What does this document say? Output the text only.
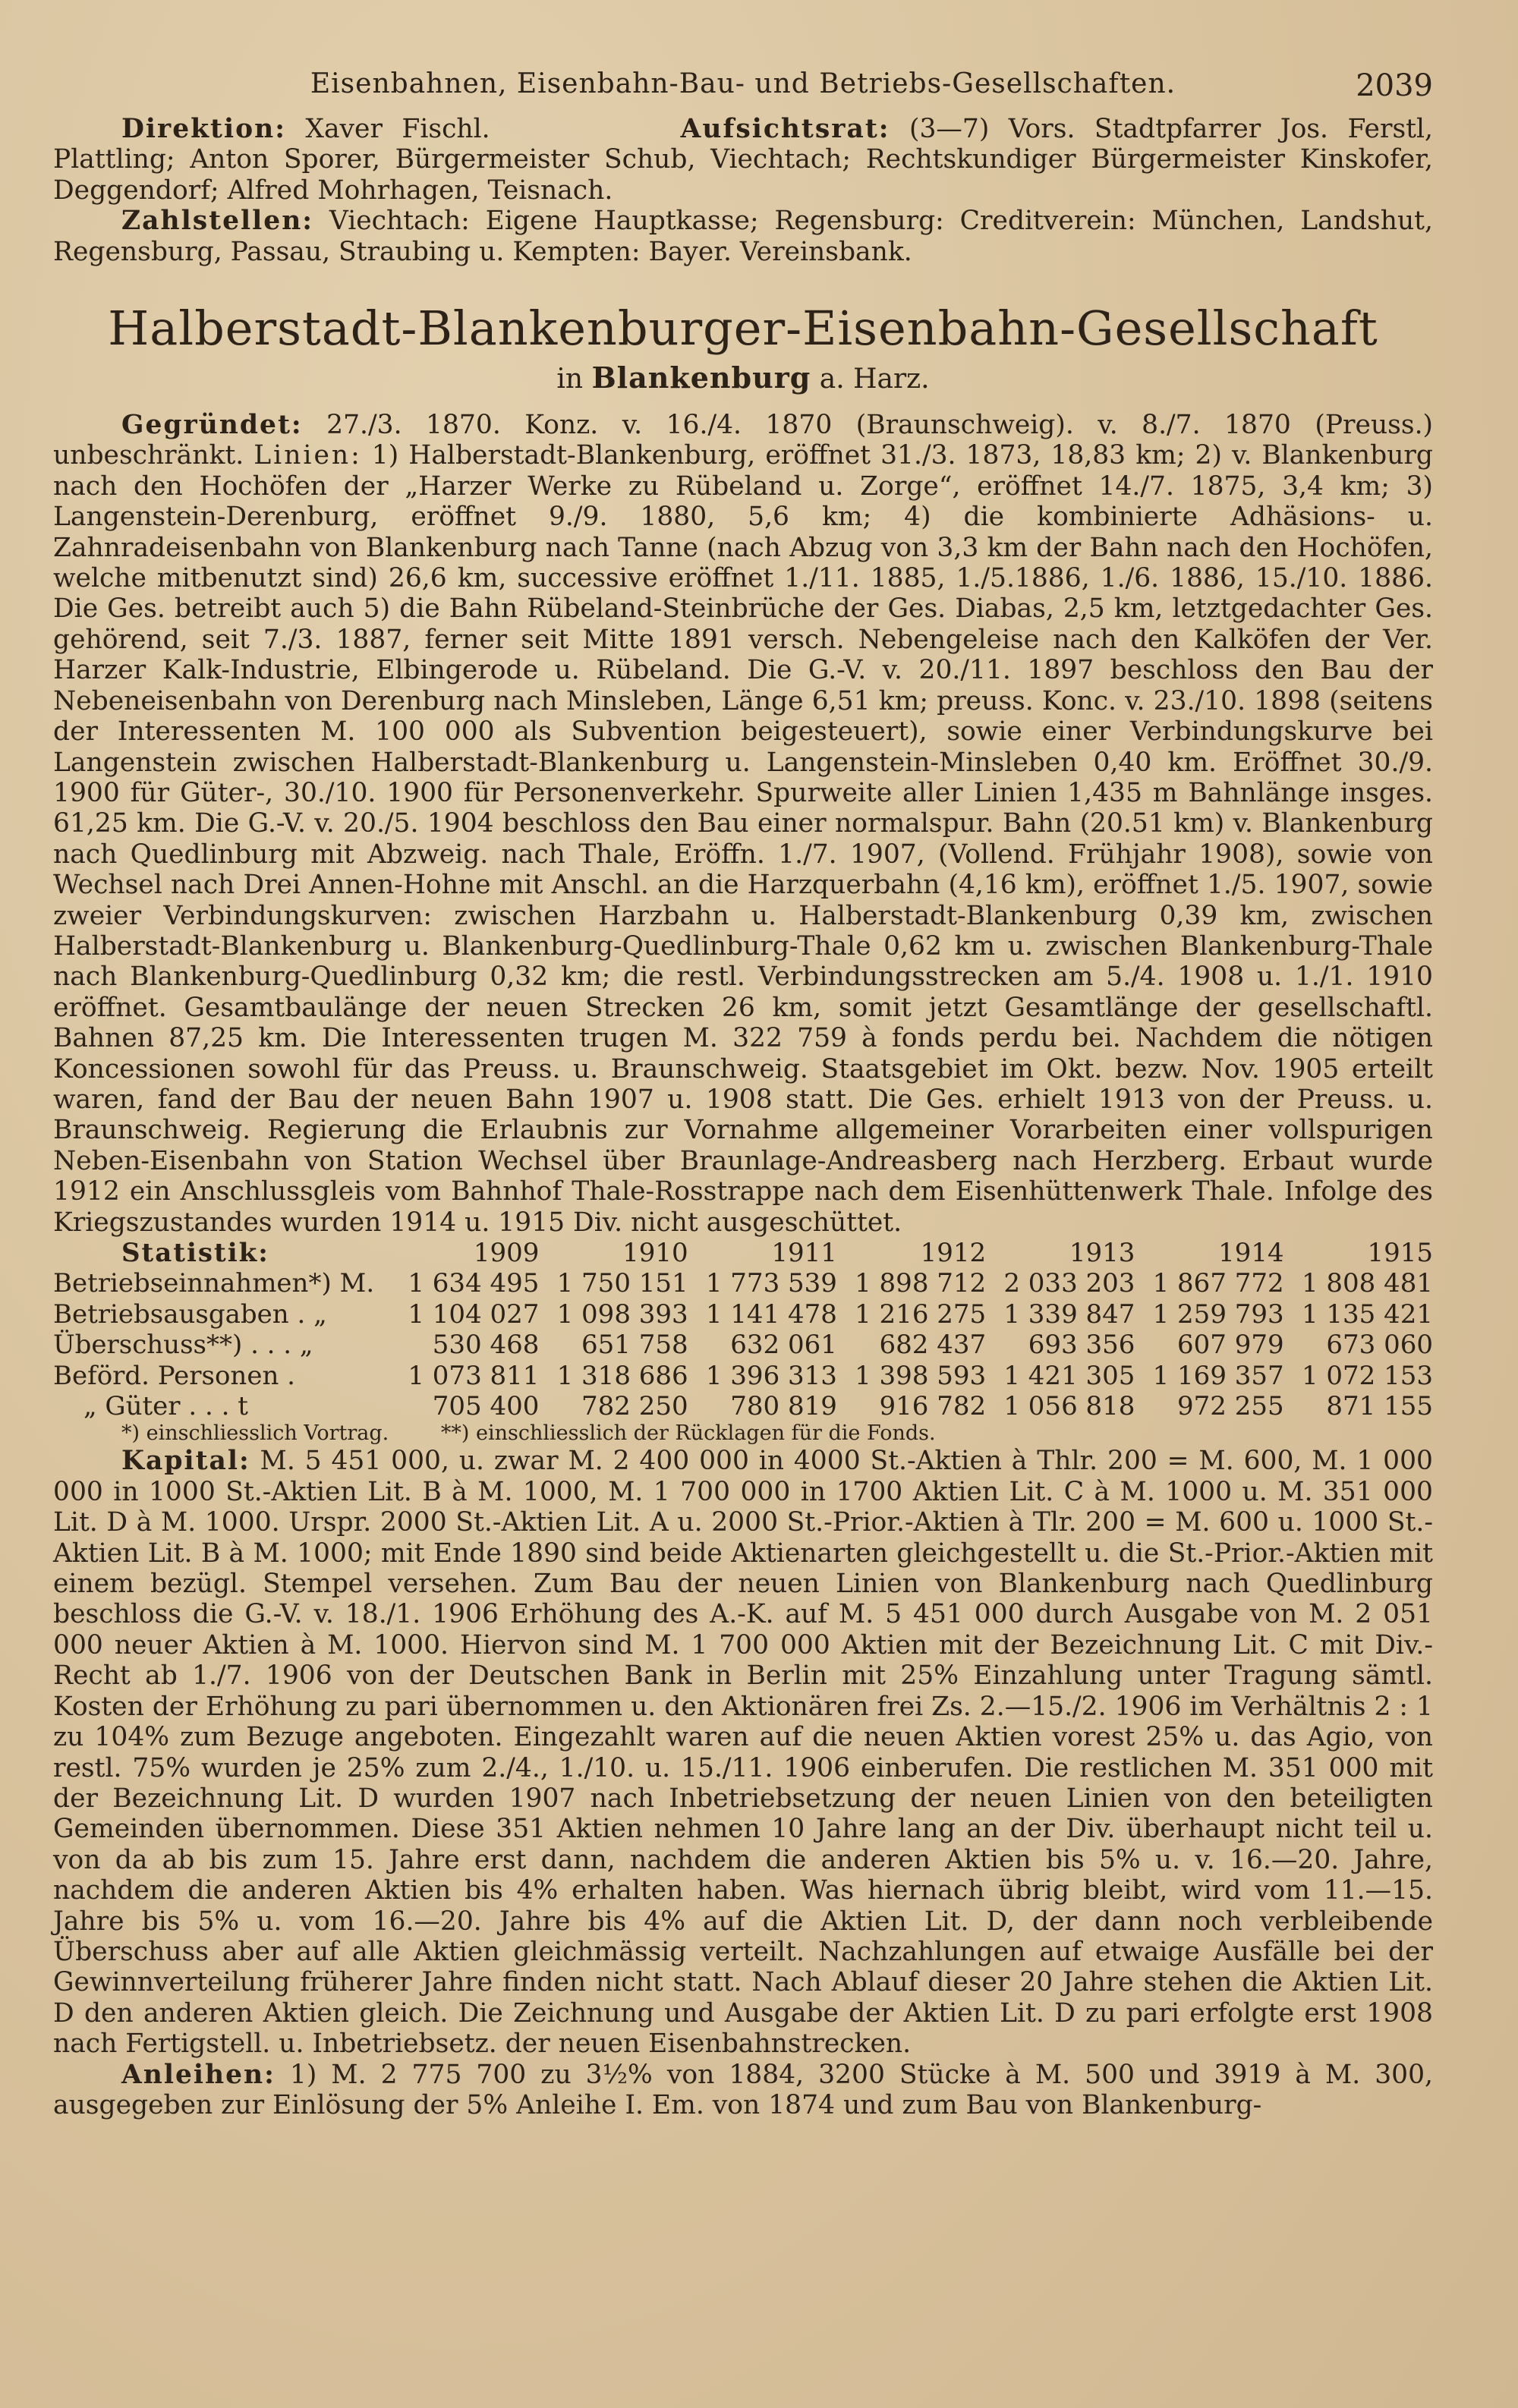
Eisenbahnen, Eisenbahn-Bau- und Betriebs-Gesellschaften.	2039

Direktion: Xaver Fischl.	Aufsichtsrat: (3—7) Vors. Stadtpfarrer Jos. Ferstl, Plattling; Anton Sporer, Bürgermeister Schub, Viechtach; Rechtskundiger Bürgermeister Kinskofer, Deggendorf; Alfred Mohrhagen, Teisnach.

Zahlstellen: Viechtach: Eigene Hauptkasse; Regensburg: Creditverein: München, Landshut, Regensburg, Passau, Straubing u. Kempten: Bayer. Vereinsbank.

Halberstadt-Blankenburger-Eisenbahn-Gesellschaft
in Blankenburg a. Harz.

Gegründet: 27./3. 1870. Konz. v. 16./4. 1870 (Braunschweig). v. 8./7. 1870 (Preuss.) unbeschränkt. Linien: 1) Halberstadt-Blankenburg, eröffnet 31./3. 1873, 18,83 km; 2) v. Blankenburg nach den Hochöfen der „Harzer Werke zu Rübeland u. Zorge“, eröffnet 14./7. 1875, 3,4 km; 3) Langenstein-Derenburg, eröffnet 9./9. 1880, 5,6 km; 4) die kombinierte Adhäsions- u. Zahnradeisenbahn von Blankenburg nach Tanne (nach Abzug von 3,3 km der Bahn nach den Hochöfen, welche mitbenutzt sind) 26,6 km, successive eröffnet 1./11. 1885, 1./5.1886, 1./6. 1886, 15./10. 1886. Die Ges. betreibt auch 5) die Bahn Rübeland-Steinbrüche der Ges. Diabas, 2,5 km, letztgedachter Ges. gehörend, seit 7./3. 1887, ferner seit Mitte 1891 versch. Nebengeleise nach den Kalköfen der Ver. Harzer Kalk-Industrie, Elbingerode u. Rübeland. Die G.-V. v. 20./11. 1897 beschloss den Bau der Nebeneisenbahn von Derenburg nach Minsleben, Länge 6,51 km; preuss. Konc. v. 23./10. 1898 (seitens der Interessenten M. 100 000 als Subvention beigesteuert), sowie einer Verbindungskurve bei Langenstein zwischen Halberstadt-Blankenburg u. Langenstein-Minsleben 0,40 km. Eröffnet 30./9. 1900 für Güter-, 30./10. 1900 für Personenverkehr. Spurweite aller Linien 1,435 m Bahnlänge insges. 61,25 km. Die G.-V. v. 20./5. 1904 beschloss den Bau einer normalspur. Bahn (20.51 km) v. Blankenburg nach Quedlinburg mit Abzweig. nach Thale, Eröffn. 1./7. 1907, (Vollend. Frühjahr 1908), sowie von Wechsel nach Drei Annen-Hohne mit Anschl. an die Harzquerbahn (4,16 km), eröffnet 1./5. 1907, sowie zweier Verbindungskurven: zwischen Harzbahn u. Halberstadt-Blankenburg 0,39 km, zwischen Halberstadt-Blankenburg u. Blankenburg-Quedlinburg-Thale 0,62 km u. zwischen Blankenburg-Thale nach Blankenburg-Quedlinburg 0,32 km; die restl. Verbindungsstrecken am 5./4. 1908 u. 1./1. 1910 eröffnet. Gesamtbaulänge der neuen Strecken 26 km, somit jetzt Gesamtlänge der gesellschaftl. Bahnen 87,25 km. Die Interessenten trugen M. 322 759 à fonds perdu bei. Nachdem die nötigen Koncessionen sowohl für das Preuss. u. Braunschweig. Staatsgebiet im Okt. bezw. Nov. 1905 erteilt waren, fand der Bau der neuen Bahn 1907 u. 1908 statt. Die Ges. erhielt 1913 von der Preuss. u. Braunschweig. Regierung die Erlaubnis zur Vornahme allgemeiner Vorarbeiten einer vollspurigen Neben-Eisenbahn von Station Wechsel über Braunlage-Andreasberg nach Herzberg. Erbaut wurde 1912 ein Anschlussgleis vom Bahnhof Thale-Rosstrappe nach dem Eisenhüttenwerk Thale. Infolge des Kriegszustandes wurden 1914 u. 1915 Div. nicht ausgeschüttet.

Statistik:	1909	1910	1911	1912	1913	1914	1915
Betriebseinnahmen*) M.	1 634 495	1 750 151	1 773 539	1 898 712	2 033 203	1 867 772	1 808 481
Betriebsausgaben . „	1 104 027	1 098 393	1 141 478	1 216 275	1 339 847	1 259 793	1 135 421
Überschuss**) . . . „	530 468	651 758	632 061	682 437	693 356	607 979	673 060
Beförd. Personen .	1 073 811	1 318 686	1 396 313	1 398 593	1 421 305	1 169 357	1 072 153
„ Güter . . . t	705 400	782 250	780 819	916 782	1 056 818	972 255	871 155
*) einschliesslich Vortrag.        **) einschliesslich der Rücklagen für die Fonds.

Kapital: M. 5 451 000, u. zwar M. 2 400 000 in 4000 St.-Aktien à Thlr. 200 = M. 600, M. 1 000 000 in 1000 St.-Aktien Lit. B à M. 1000, M. 1 700 000 in 1700 Aktien Lit. C à M. 1000 u. M. 351 000 Lit. D à M. 1000. Urspr. 2000 St.-Aktien Lit. A u. 2000 St.-Prior.-Aktien à Tlr. 200 = M. 600 u. 1000 St.-Aktien Lit. B à M. 1000; mit Ende 1890 sind beide Aktienarten gleichgestellt u. die St.-Prior.-Aktien mit einem bezügl. Stempel versehen. Zum Bau der neuen Linien von Blankenburg nach Quedlinburg beschloss die G.-V. v. 18./1. 1906 Erhöhung des A.-K. auf M. 5 451 000 durch Ausgabe von M. 2 051 000 neuer Aktien à M. 1000. Hiervon sind M. 1 700 000 Aktien mit der Bezeichnung Lit. C mit Div.-Recht ab 1./7. 1906 von der Deutschen Bank in Berlin mit 25% Einzahlung unter Tragung sämtl. Kosten der Erhöhung zu pari übernommen u. den Aktionären frei Zs. 2.—15./2. 1906 im Verhältnis 2 : 1 zu 104% zum Bezuge angeboten. Eingezahlt waren auf die neuen Aktien vorest 25% u. das Agio, von restl. 75% wurden je 25% zum 2./4., 1./10. u. 15./11. 1906 einberufen. Die restlichen M. 351 000 mit der Bezeichnung Lit. D wurden 1907 nach Inbetriebsetzung der neuen Linien von den beteiligten Gemeinden übernommen. Diese 351 Aktien nehmen 10 Jahre lang an der Div. überhaupt nicht teil u. von da ab bis zum 15. Jahre erst dann, nachdem die anderen Aktien bis 5% u. v. 16.—20. Jahre, nachdem die anderen Aktien bis 4% erhalten haben. Was hiernach übrig bleibt, wird vom 11.—15. Jahre bis 5% u. vom 16.—20. Jahre bis 4% auf die Aktien Lit. D, der dann noch verbleibende Überschuss aber auf alle Aktien gleichmässig verteilt. Nachzahlungen auf etwaige Ausfälle bei der Gewinnverteilung früherer Jahre finden nicht statt. Nach Ablauf dieser 20 Jahre stehen die Aktien Lit. D den anderen Aktien gleich. Die Zeichnung und Ausgabe der Aktien Lit. D zu pari erfolgte erst 1908 nach Fertigstell. u. Inbetriebsetz. der neuen Eisenbahnstrecken.

Anleihen: 1) M. 2 775 700 zu 3½% von 1884, 3200 Stücke à M. 500 und 3919 à M. 300, ausgegeben zur Einlösung der 5% Anleihe I. Em. von 1874 und zum Bau von Blankenburg-
